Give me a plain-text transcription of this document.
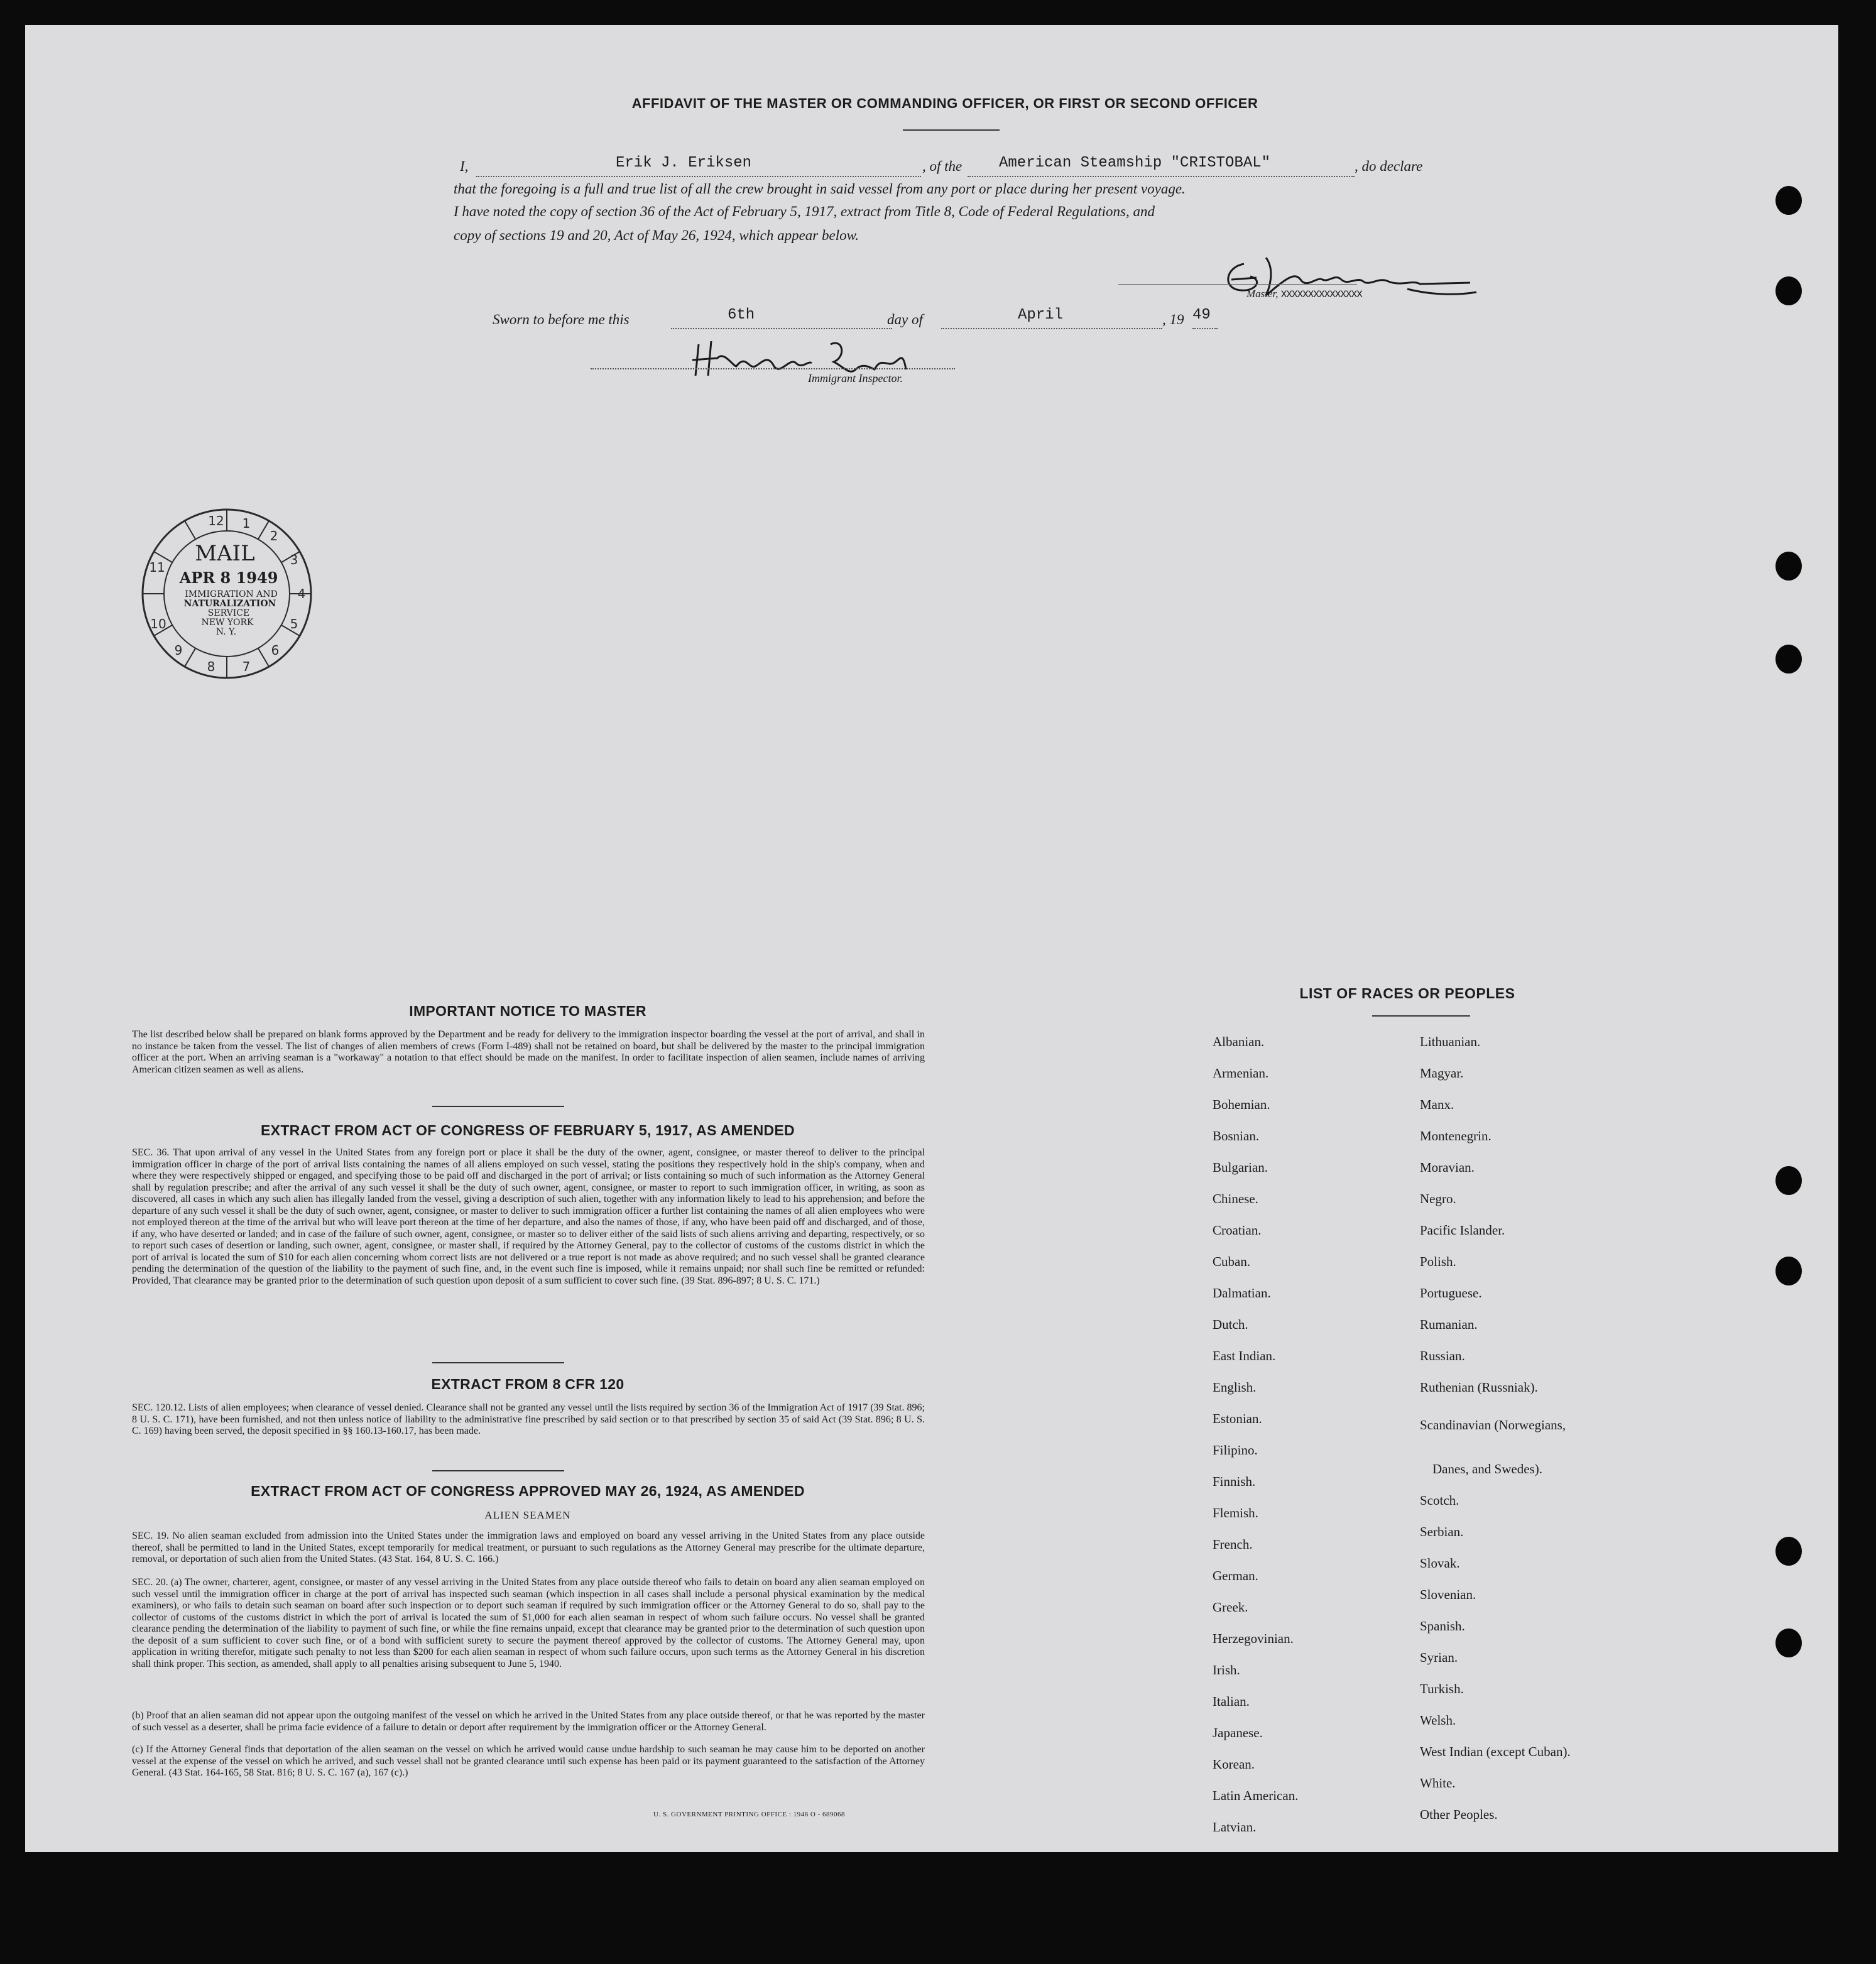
AFFIDAVIT OF THE MASTER OR COMMANDING OFFICER, OR FIRST OR SECOND OFFICER
I,	Erik J. Eriksen	, of the American Steamship "CRISTOBAL"	, do declare
that the foregoing is a full and true list of all the crew brought in said vessel from any port or place during her present voyage.
I have noted the copy of section 36 of the Act of February 5, 1917, extract from Title 8, Code of Federal Regulations, and
copy of sections 19 and 20, Act of May 26, 1924, which appear below.
Master, XXXXXXXXXXXXXXX
Sworn to before me this	6th	day of	April	, 19 49
Immigrant Inspector.
12 1
2
3
4
5
6
7
8
9
10
11
MAIL
APR 8 1949
IMMIGRATION AND
NATURALIZATION
SERVICE
NEW YORK
N. Y.
IMPORTANT NOTICE TO MASTER
The list described below shall be prepared on blank forms approved by the Department and be ready for delivery to the immigration inspector boarding the vessel at the port of arrival, and shall in no instance be taken from the vessel. The list of changes of alien members of crews (Form I-489) shall not be retained on board, but shall be delivered by the master to the principal immigration officer at the port. When an arriving seaman is a "workaway" a notation to that effect should be made on the manifest. In order to facilitate inspection of alien seamen, include names of arriving American citizen seamen as well as aliens.
EXTRACT FROM ACT OF CONGRESS OF FEBRUARY 5, 1917, AS AMENDED
SEC. 36. That upon arrival of any vessel in the United States from any foreign port or place it shall be the duty of the owner, agent, consignee, or master thereof to deliver to the principal immigration officer in charge of the port of arrival lists containing the names of all aliens employed on such vessel, stating the positions they respectively hold in the ship's company, when and where they were respectively shipped or engaged, and specifying those to be paid off and discharged in the port of arrival; or lists containing so much of such information as the Attorney General shall by regulation prescribe; and after the arrival of any such vessel it shall be the duty of such owner, agent, consignee, or master to report to such immigration officer, in writing, as soon as discovered, all cases in which any such alien has illegally landed from the vessel, giving a description of such alien, together with any information likely to lead to his apprehension; and before the departure of any such vessel it shall be the duty of such owner, agent, consignee, or master to deliver to such immigration officer a further list containing the names of all alien employees who were not employed thereon at the time of the arrival but who will leave port thereon at the time of her departure, and also the names of those, if any, who have been paid off and discharged, and of those, if any, who have deserted or landed; and in case of the failure of such owner, agent, consignee, or master so to deliver either of the said lists of such aliens arriving and departing, respectively, or so to report such cases of desertion or landing, such owner, agent, consignee, or master shall, if required by the Attorney General, pay to the collector of customs of the customs district in which the port of arrival is located the sum of $10 for each alien concerning whom correct lists are not delivered or a true report is not made as above required; and no such vessel shall be granted clearance pending the determination of the question of the liability to the payment of such fine, and, in the event such fine is imposed, while it remains unpaid; nor shall such fine be remitted or refunded: Provided, That clearance may be granted prior to the determination of such question upon deposit of a sum sufficient to cover such fine. (39 Stat. 896-897; 8 U. S. C. 171.)
EXTRACT FROM 8 CFR 120
SEC. 120.12. Lists of alien employees; when clearance of vessel denied. Clearance shall not be granted any vessel until the lists required by section 36 of the Immigration Act of 1917 (39 Stat. 896; 8 U. S. C. 171), have been furnished, and not then unless notice of liability to the administrative fine prescribed by said section or to that prescribed by section 35 of said Act (39 Stat. 896; 8 U. S. C. 169) having been served, the deposit specified in §§ 160.13-160.17, has been made.
EXTRACT FROM ACT OF CONGRESS APPROVED MAY 26, 1924, AS AMENDED
ALIEN SEAMEN
SEC. 19. No alien seaman excluded from admission into the United States under the immigration laws and employed on board any vessel arriving in the United States from any place outside thereof, shall be permitted to land in the United States, except temporarily for medical treatment, or pursuant to such regulations as the Attorney General may prescribe for the ultimate departure, removal, or deportation of such alien from the United States. (43 Stat. 164, 8 U. S. C. 166.)
SEC. 20. (a) The owner, charterer, agent, consignee, or master of any vessel arriving in the United States from any place outside thereof who fails to detain on board any alien seaman employed on such vessel until the immigration officer in charge at the port of arrival has inspected such seaman (which inspection in all cases shall include a personal physical examination by the medical examiners), or who fails to detain such seaman on board after such inspection or to deport such seaman if required by such immigration officer or the Attorney General to do so, shall pay to the collector of customs of the customs district in which the port of arrival is located the sum of $1,000 for each alien seaman in respect of whom such failure occurs. No vessel shall be granted clearance pending the determination of the liability to payment of such fine, or while the fine remains unpaid, except that clearance may be granted prior to the determination of such question upon the deposit of a sum sufficient to cover such fine, or of a bond with sufficient surety to secure the payment thereof approved by the collector of customs. The Attorney General may, upon application in writing therefor, mitigate such penalty to not less than $200 for each alien seaman in respect of whom such failure occurs, upon such terms as the Attorney General in his discretion shall think proper. This section, as amended, shall apply to all penalties arising subsequent to June 5, 1940.
(b) Proof that an alien seaman did not appear upon the outgoing manifest of the vessel on which he arrived in the United States from any place outside thereof, or that he was reported by the master of such vessel as a deserter, shall be prima facie evidence of a failure to detain or deport after requirement by the immigration officer or the Attorney General.
(c) If the Attorney General finds that deportation of the alien seaman on the vessel on which he arrived would cause undue hardship to such seaman he may cause him to be deported on another vessel at the expense of the vessel on which he arrived, and such vessel shall not be granted clearance until such expense has been paid or its payment guaranteed to the satisfaction of the Attorney General. (43 Stat. 164-165, 58 Stat. 816; 8 U. S. C. 167 (a), 167 (c).)
U. S. GOVERNMENT PRINTING OFFICE : 1948 O - 689068
LIST OF RACES OR PEOPLES
Albanian.
Armenian.
Bohemian.
Bosnian.
Bulgarian.
Chinese.
Croatian.
Cuban.
Dalmatian.
Dutch.
East Indian.
English.
Estonian.
Filipino.
Finnish.
Flemish.
French.
German.
Greek.
Herzegovinian.
Irish.
Italian.
Japanese.
Korean.
Latin American.
Latvian.
Lithuanian.
Magyar.
Manx.
Montenegrin.
Moravian.
Negro.
Pacific Islander.
Polish.
Portuguese.
Rumanian.
Russian.
Ruthenian (Russniak).
Scandinavian (Norwegians,
Danes, and Swedes).
Scotch.
Serbian.
Slovak.
Slovenian.
Spanish.
Syrian.
Turkish.
Welsh.
West Indian (except Cuban).
White.
Other Peoples.
